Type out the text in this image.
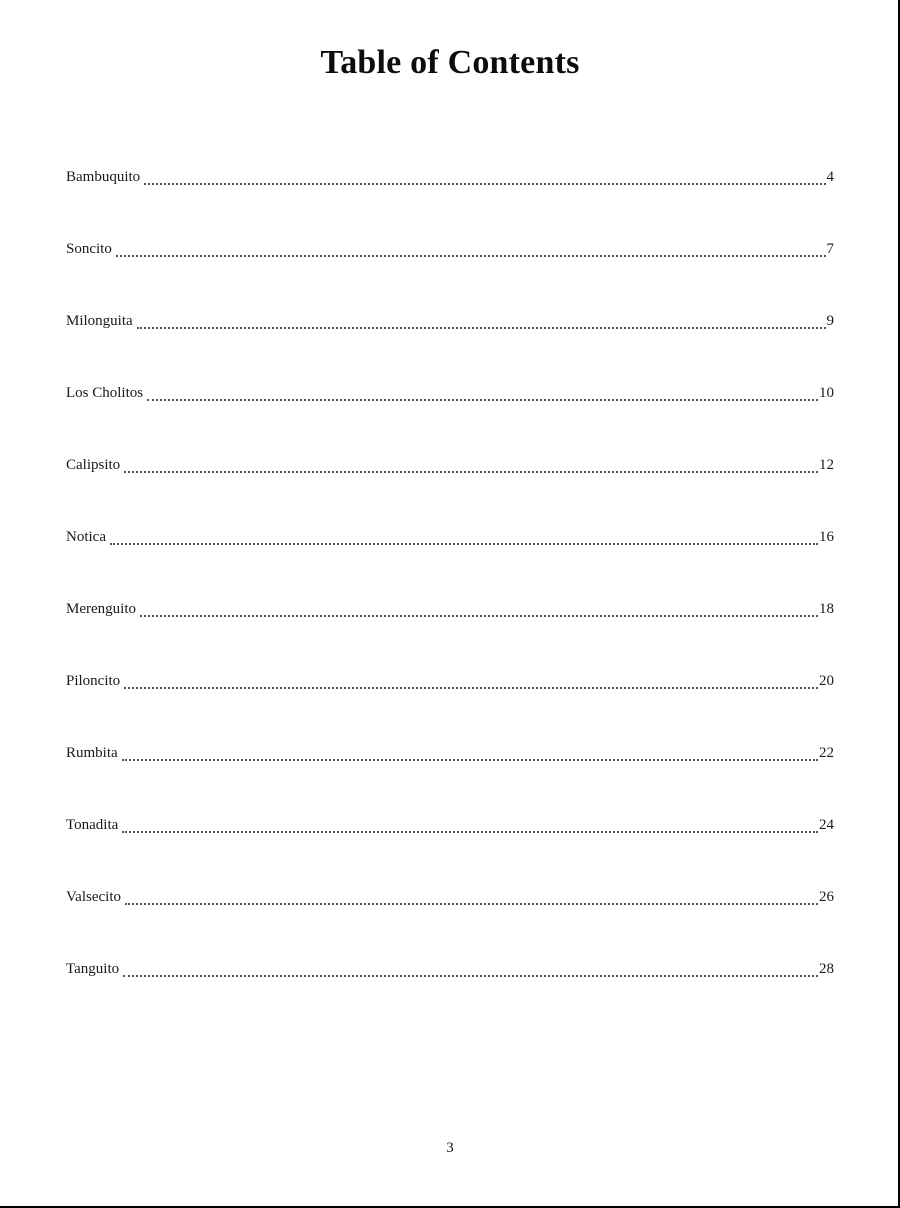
Table of Contents
Bambuquito	4
Soncito	7
Milonguita	9
Los Cholitos	10
Calipsito	12
Notica	16
Merenguito	18
Piloncito	20
Rumbita	22
Tonadita	24
Valsecito	26
Tanguito	28
3
